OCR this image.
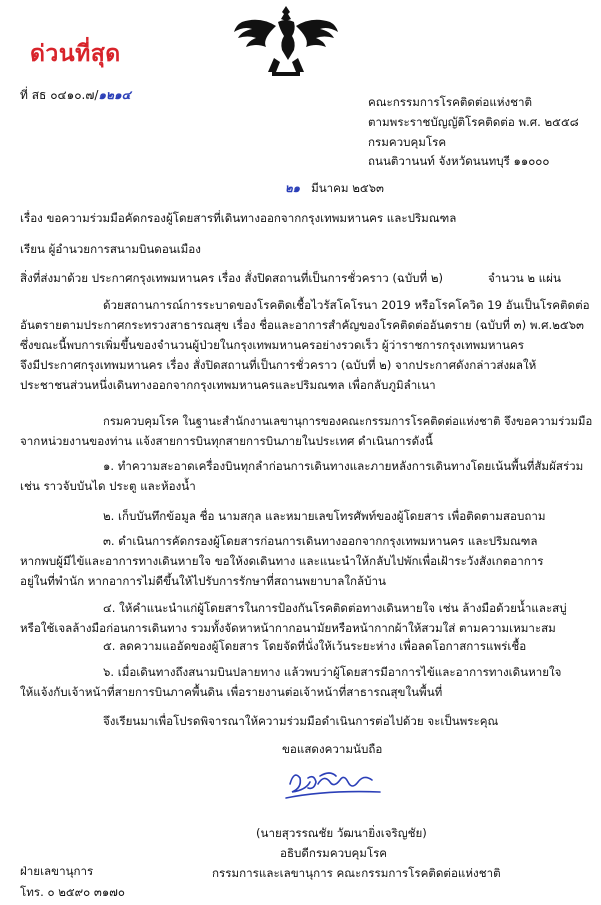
ด่วนที่สุด
ที่ สธ ๐๔๑๐.๗/๑๒๑๔	คณะกรรมการโรคติดต่อแห่งชาติ
ตามพระราชบัญญัติโรคติดต่อ พ.ศ. ๒๕๕๘
กรมควบคุมโรค
ถนนติวานนท์ จังหวัดนนทบุรี ๑๑๐๐๐
๒๑ มีนาคม ๒๕๖๓
เรื่อง ขอความร่วมมือคัดกรองผู้โดยสารที่เดินทางออกจากกรุงเทพมหานคร และปริมณฑล
เรียน ผู้อำนวยการสนามบินดอนเมือง
สิ่งที่ส่งมาด้วย ประกาศกรุงเทพมหานคร เรื่อง สั่งปิดสถานที่เป็นการชั่วคราว (ฉบับที่ ๒)	จำนวน ๒ แผ่น
ด้วยสถานการณ์การระบาดของโรคติดเชื้อไวรัสโคโรนา 2019 หรือโรคโควิด 19 อันเป็นโรคติดต่อ
อันตรายตามประกาศกระทรวงสาธารณสุข เรื่อง ชื่อและอาการสำคัญของโรคติดต่ออันตราย (ฉบับที่ ๓) พ.ศ.๒๕๖๓
ซึ่งขณะนี้พบการเพิ่มขึ้นของจำนวนผู้ป่วยในกรุงเทพมหานครอย่างรวดเร็ว ผู้ว่าราชการกรุงเทพมหานคร
จึงมีประกาศกรุงเทพมหานคร เรื่อง สั่งปิดสถานที่เป็นการชั่วคราว (ฉบับที่ ๒) จากประกาศดังกล่าวส่งผลให้
ประชาชนส่วนหนึ่งเดินทางออกจากกรุงเทพมหานครและปริมณฑล เพื่อกลับภูมิลำเนา
กรมควบคุมโรค ในฐานะสำนักงานเลขานุการของคณะกรรมการโรคติดต่อแห่งชาติ จึงขอความร่วมมือ
จากหน่วยงานของท่าน แจ้งสายการบินทุกสายการบินภายในประเทศ ดำเนินการดังนี้
๑. ทำความสะอาดเครื่องบินทุกลำก่อนการเดินทางและภายหลังการเดินทางโดยเน้นพื้นที่สัมผัสร่วม
เช่น ราวจับบันได ประตู และห้องน้ำ
๒. เก็บบันทึกข้อมูล ชื่อ นามสกุล และหมายเลขโทรศัพท์ของผู้โดยสาร เพื่อติดตามสอบถาม
๓. ดำเนินการคัดกรองผู้โดยสารก่อนการเดินทางออกจากกรุงเทพมหานคร และปริมณฑล
หากพบผู้มีไข้และอาการทางเดินหายใจ ขอให้งดเดินทาง และแนะนำให้กลับไปพักเพื่อเฝ้าระวังสังเกตอาการ
อยู่ในที่พำนัก หากอาการไม่ดีขึ้นให้ไปรับการรักษาที่สถานพยาบาลใกล้บ้าน
๔. ให้คำแนะนำแก่ผู้โดยสารในการป้องกันโรคติดต่อทางเดินหายใจ เช่น ล้างมือด้วยน้ำและสบู่
หรือใช้เจลล้างมือก่อนการเดินทาง รวมทั้งจัดหาหน้ากากอนามัยหรือหน้ากากผ้าให้สวมใส่ ตามความเหมาะสม
๕. ลดความแออัดของผู้โดยสาร โดยจัดที่นั่งให้เว้นระยะห่าง เพื่อลดโอกาสการแพร่เชื้อ
๖. เมื่อเดินทางถึงสนามบินปลายทาง แล้วพบว่าผู้โดยสารมีอาการไข้และอาการทางเดินหายใจ
ให้แจ้งกับเจ้าหน้าที่สายการบินภาคพื้นดิน เพื่อรายงานต่อเจ้าหน้าที่สาธารณสุขในพื้นที่
จึงเรียนมาเพื่อโปรดพิจารณาให้ความร่วมมือดำเนินการต่อไปด้วย จะเป็นพระคุณ
ขอแสดงความนับถือ
(นายสุวรรณชัย วัฒนายิ่งเจริญชัย)
อธิบดีกรมควบคุมโรค
กรรมการและเลขานุการ คณะกรรมการโรคติดต่อแห่งชาติ
ฝ่ายเลขานุการ
โทร. ๐ ๒๕๙๐ ๓๑๗๐
